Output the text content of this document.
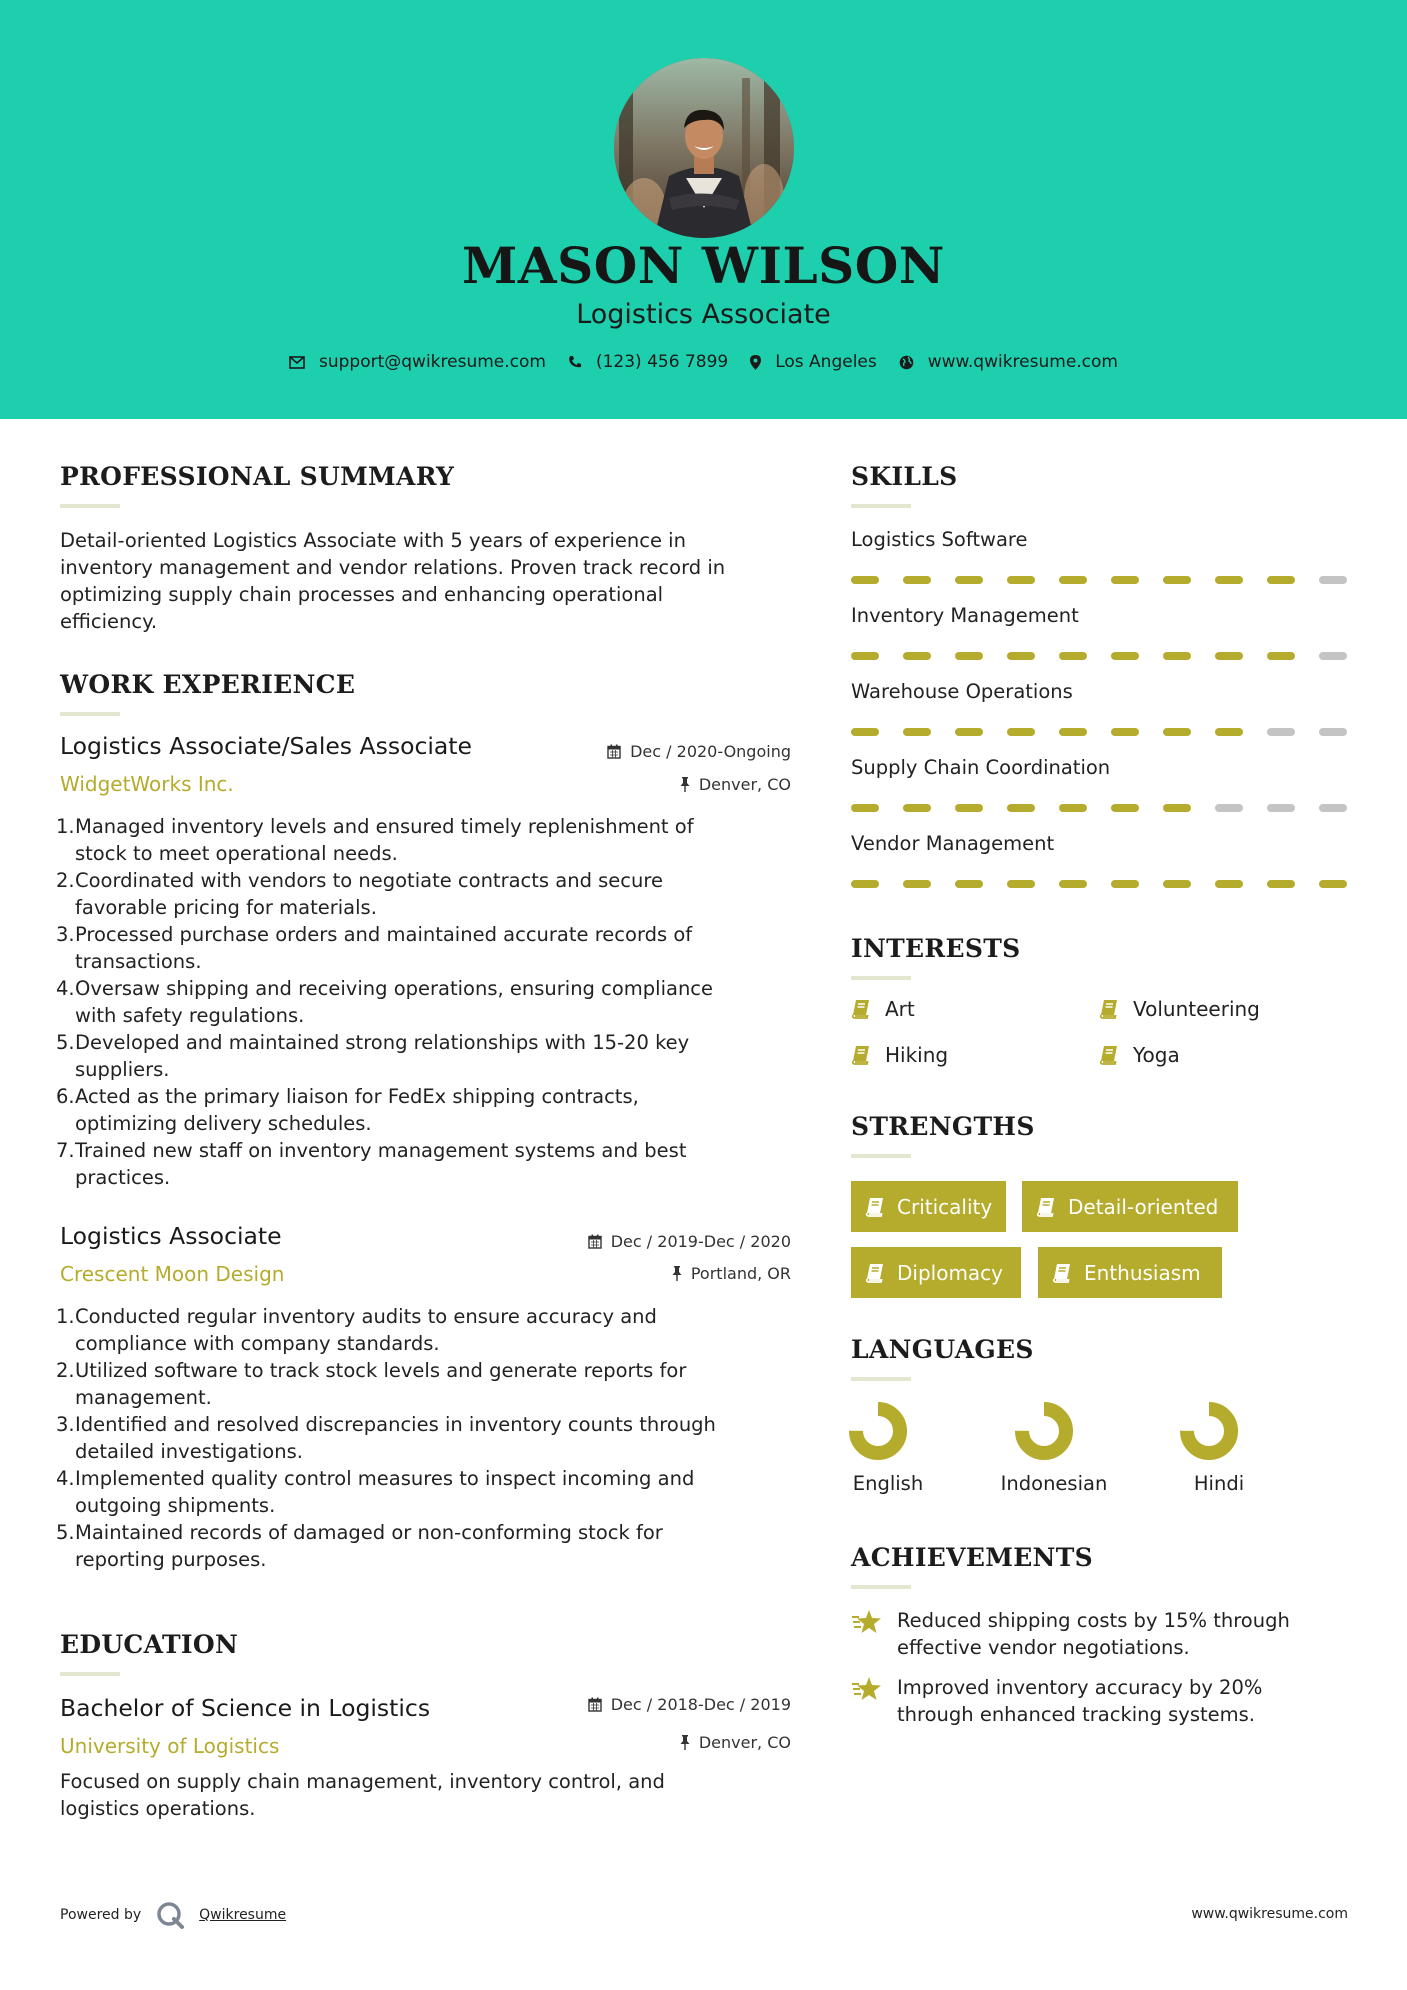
MASON WILSON
Logistics Associate
support@qwikresume.com	(123) 456 7899	Los Angeles	www.qwikresume.com
PROFESSIONAL SUMMARY
Detail-oriented Logistics Associate with 5 years of experience in
inventory management and vendor relations. Proven track record in
optimizing supply chain processes and enhancing operational
efficiency.
WORK EXPERIENCE
Logistics Associate/Sales Associate	Dec / 2020-Ongoing
WidgetWorks Inc.	Denver, CO
1. Managed inventory levels and ensured timely replenishment of
stock to meet operational needs.
2. Coordinated with vendors to negotiate contracts and secure
favorable pricing for materials.
3. Processed purchase orders and maintained accurate records of
transactions.
4. Oversaw shipping and receiving operations, ensuring compliance
with safety regulations.
5. Developed and maintained strong relationships with 15-20 key
suppliers.
6. Acted as the primary liaison for FedEx shipping contracts,
optimizing delivery schedules.
7. Trained new staff on inventory management systems and best
practices.
Logistics Associate	Dec / 2019-Dec / 2020
Crescent Moon Design	Portland, OR
1. Conducted regular inventory audits to ensure accuracy and
compliance with company standards.
2. Utilized software to track stock levels and generate reports for
management.
3. Identified and resolved discrepancies in inventory counts through
detailed investigations.
4. Implemented quality control measures to inspect incoming and
outgoing shipments.
5. Maintained records of damaged or non-conforming stock for
reporting purposes.
EDUCATION
Bachelor of Science in Logistics	Dec / 2018-Dec / 2019
University of Logistics	Denver, CO
Focused on supply chain management, inventory control, and
logistics operations.
SKILLS
Logistics Software
Inventory Management
Warehouse Operations
Supply Chain Coordination
Vendor Management
INTERESTS
Art	Volunteering
Hiking	Yoga
STRENGTHS
Criticality	Detail-oriented
Diplomacy	Enthusiasm
LANGUAGES
English	Indonesian	Hindi
ACHIEVEMENTS
Reduced shipping costs by 15% through
effective vendor negotiations.
Improved inventory accuracy by 20%
through enhanced tracking systems.
Powered by	Qwikresume	www.qwikresume.com
